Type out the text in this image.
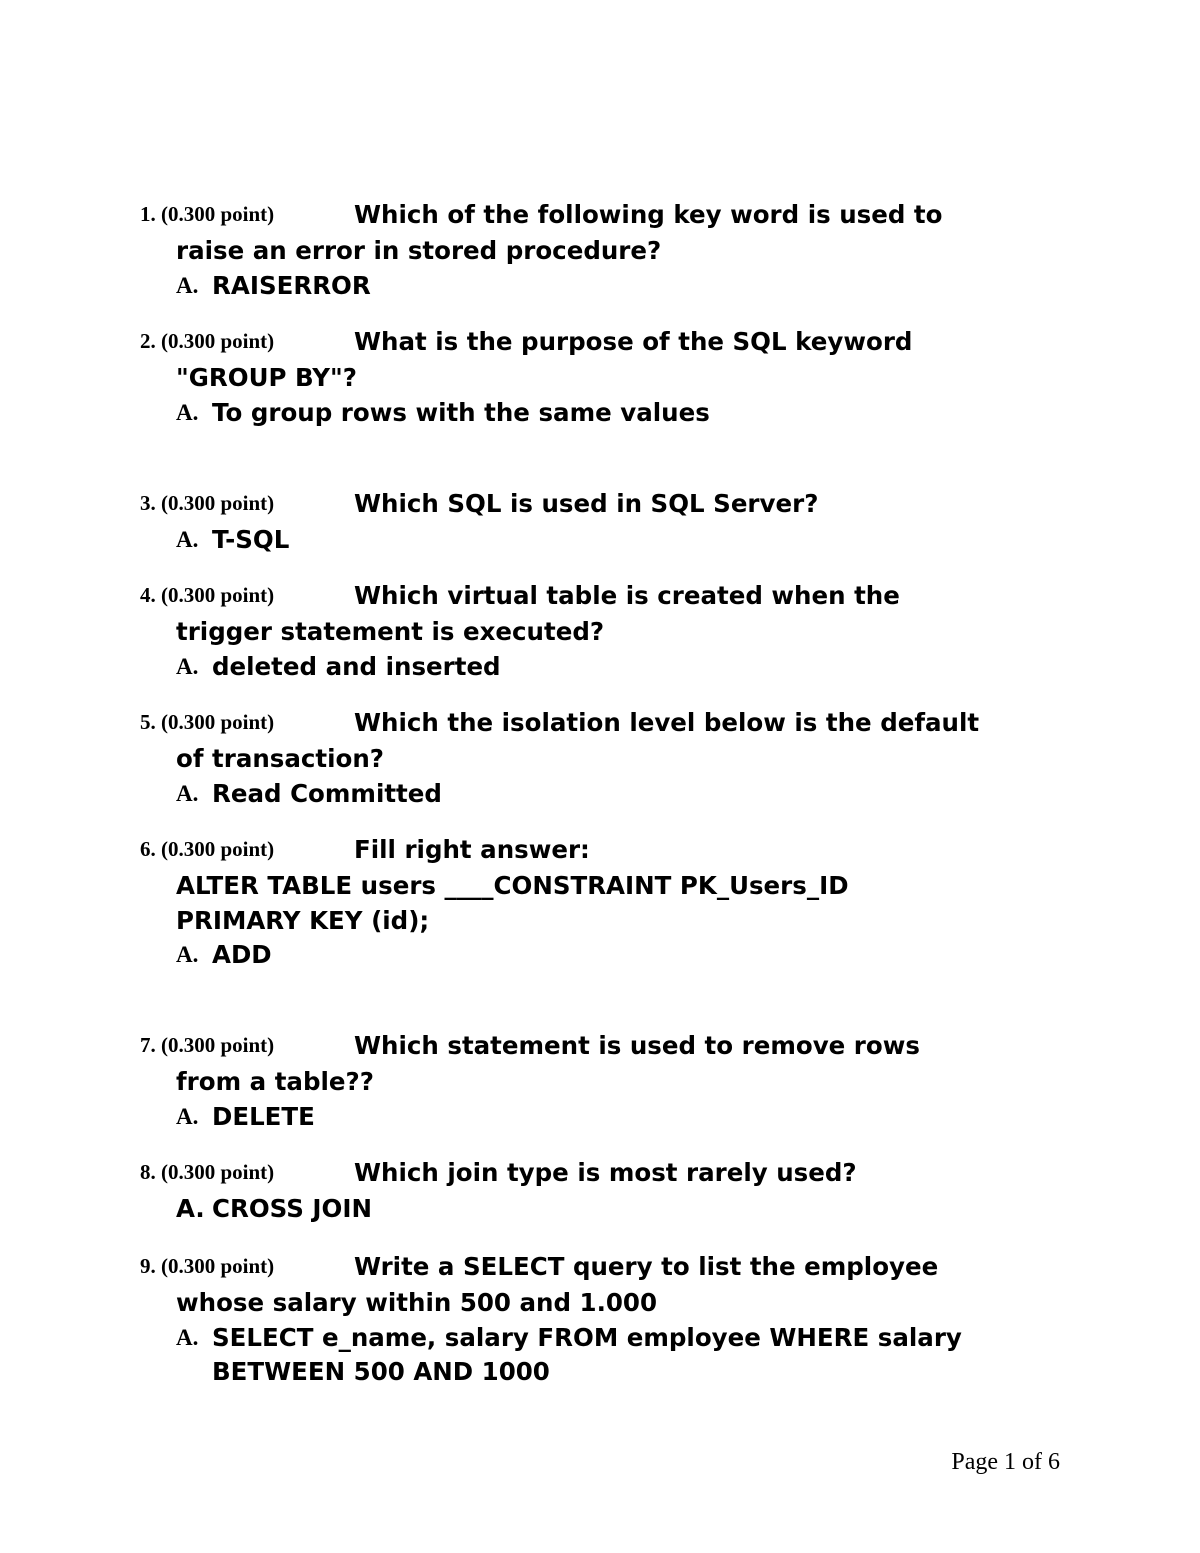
1. (0.300 point)	Which of the following key word is used to
raise an error in stored procedure?
A. RAISERROR
2. (0.300 point)	What is the purpose of the SQL keyword
"GROUP BY"?
A. To group rows with the same values
3. (0.300 point)	Which SQL is used in SQL Server?
A. T-SQL
4. (0.300 point)	Which virtual table is created when the
trigger statement is executed?
A. deleted and inserted
5. (0.300 point)	Which the isolation level below is the default
of transaction?
A. Read Committed
6. (0.300 point)	Fill right answer:
ALTER TABLE users ____CONSTRAINT PK_Users_ID
PRIMARY KEY (id);
A. ADD
7. (0.300 point)	Which statement is used to remove rows
from a table??
A. DELETE
8. (0.300 point)	Which join type is most rarely used?
A. CROSS JOIN
9. (0.300 point)	Write a SELECT query to list the employee
whose salary within 500 and 1.000
A. SELECT e_name, salary FROM employee WHERE salary
BETWEEN 500 AND 1000
Page 1 of 6
